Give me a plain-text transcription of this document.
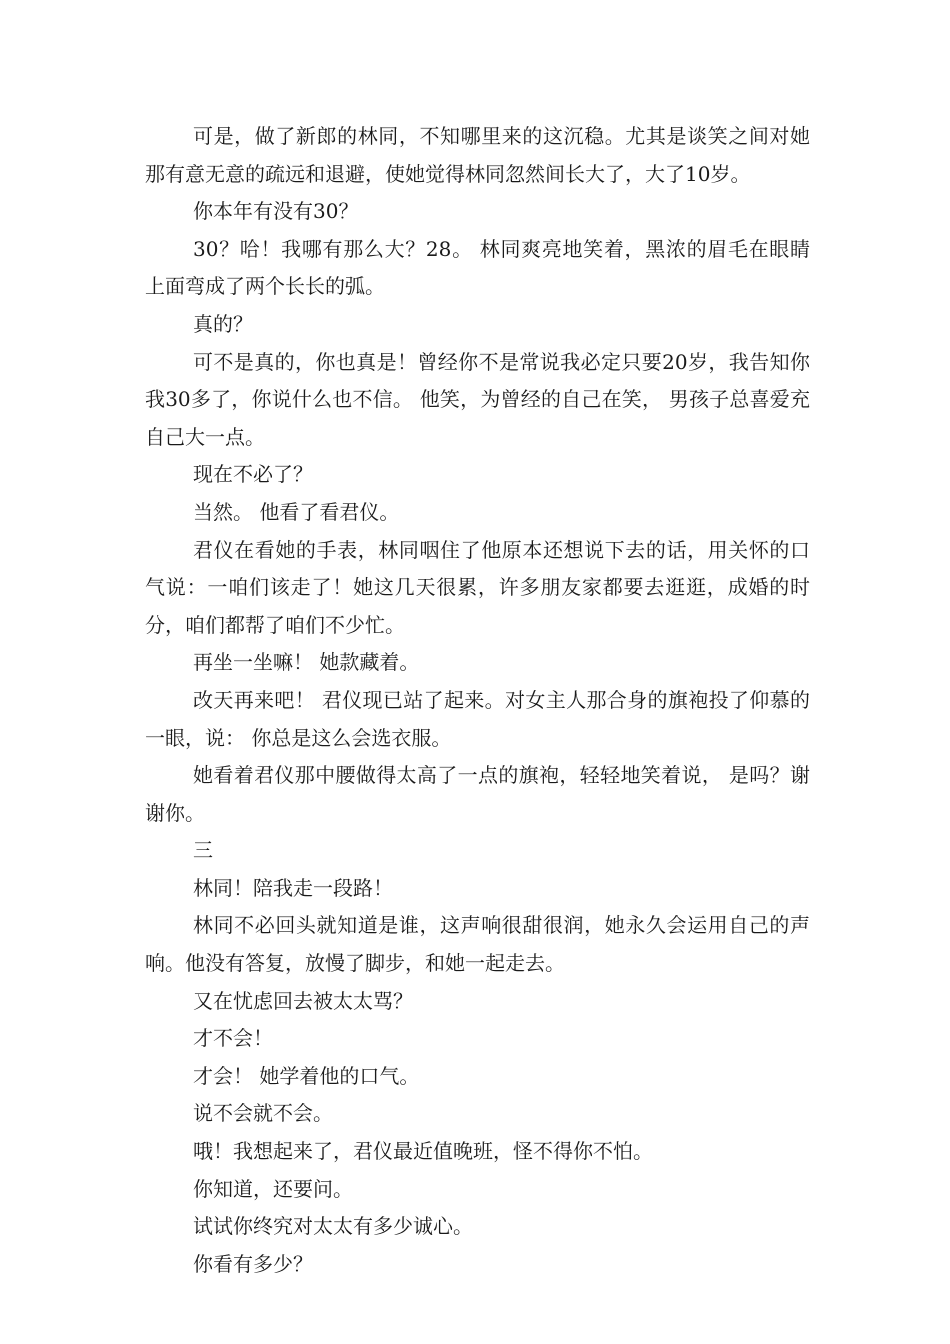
可是，做了新郎的林同，不知哪里来的这沉稳。尤其是谈笑之间对她那有意无意的疏远和退避，使她觉得林同忽然间长大了，大了10岁。

你本年有没有30？

30？哈！我哪有那么大？28。 林同爽亮地笑着，黑浓的眉毛在眼睛上面弯成了两个长长的弧。

真的？

可不是真的，你也真是！曾经你不是常说我必定只要20岁，我告知你我30多了，你说什么也不信。 他笑，为曾经的自己在笑， 男孩子总喜爱充自己大一点。

现在不必了？

当然。 他看了看君仪。

君仪在看她的手表，林同咽住了他原本还想说下去的话，用关怀的口气说：一咱们该走了！她这几天很累，许多朋友家都要去逛逛，成婚的时分，咱们都帮了咱们不少忙。

再坐一坐嘛！ 她款藏着。

改天再来吧！ 君仪现已站了起来。对女主人那合身的旗袍投了仰慕的一眼，说： 你总是这么会选衣服。

她看着君仪那中腰做得太高了一点的旗袍，轻轻地笑着说， 是吗？谢谢你。

三

林同！陪我走一段路！

林同不必回头就知道是谁，这声响很甜很润，她永久会运用自己的声响。他没有答复，放慢了脚步，和她一起走去。

又在忧虑回去被太太骂？

才不会！

才会！ 她学着他的口气。

说不会就不会。

哦！我想起来了，君仪最近值晚班，怪不得你不怕。

你知道，还要问。

试试你终究对太太有多少诚心。

你看有多少？
